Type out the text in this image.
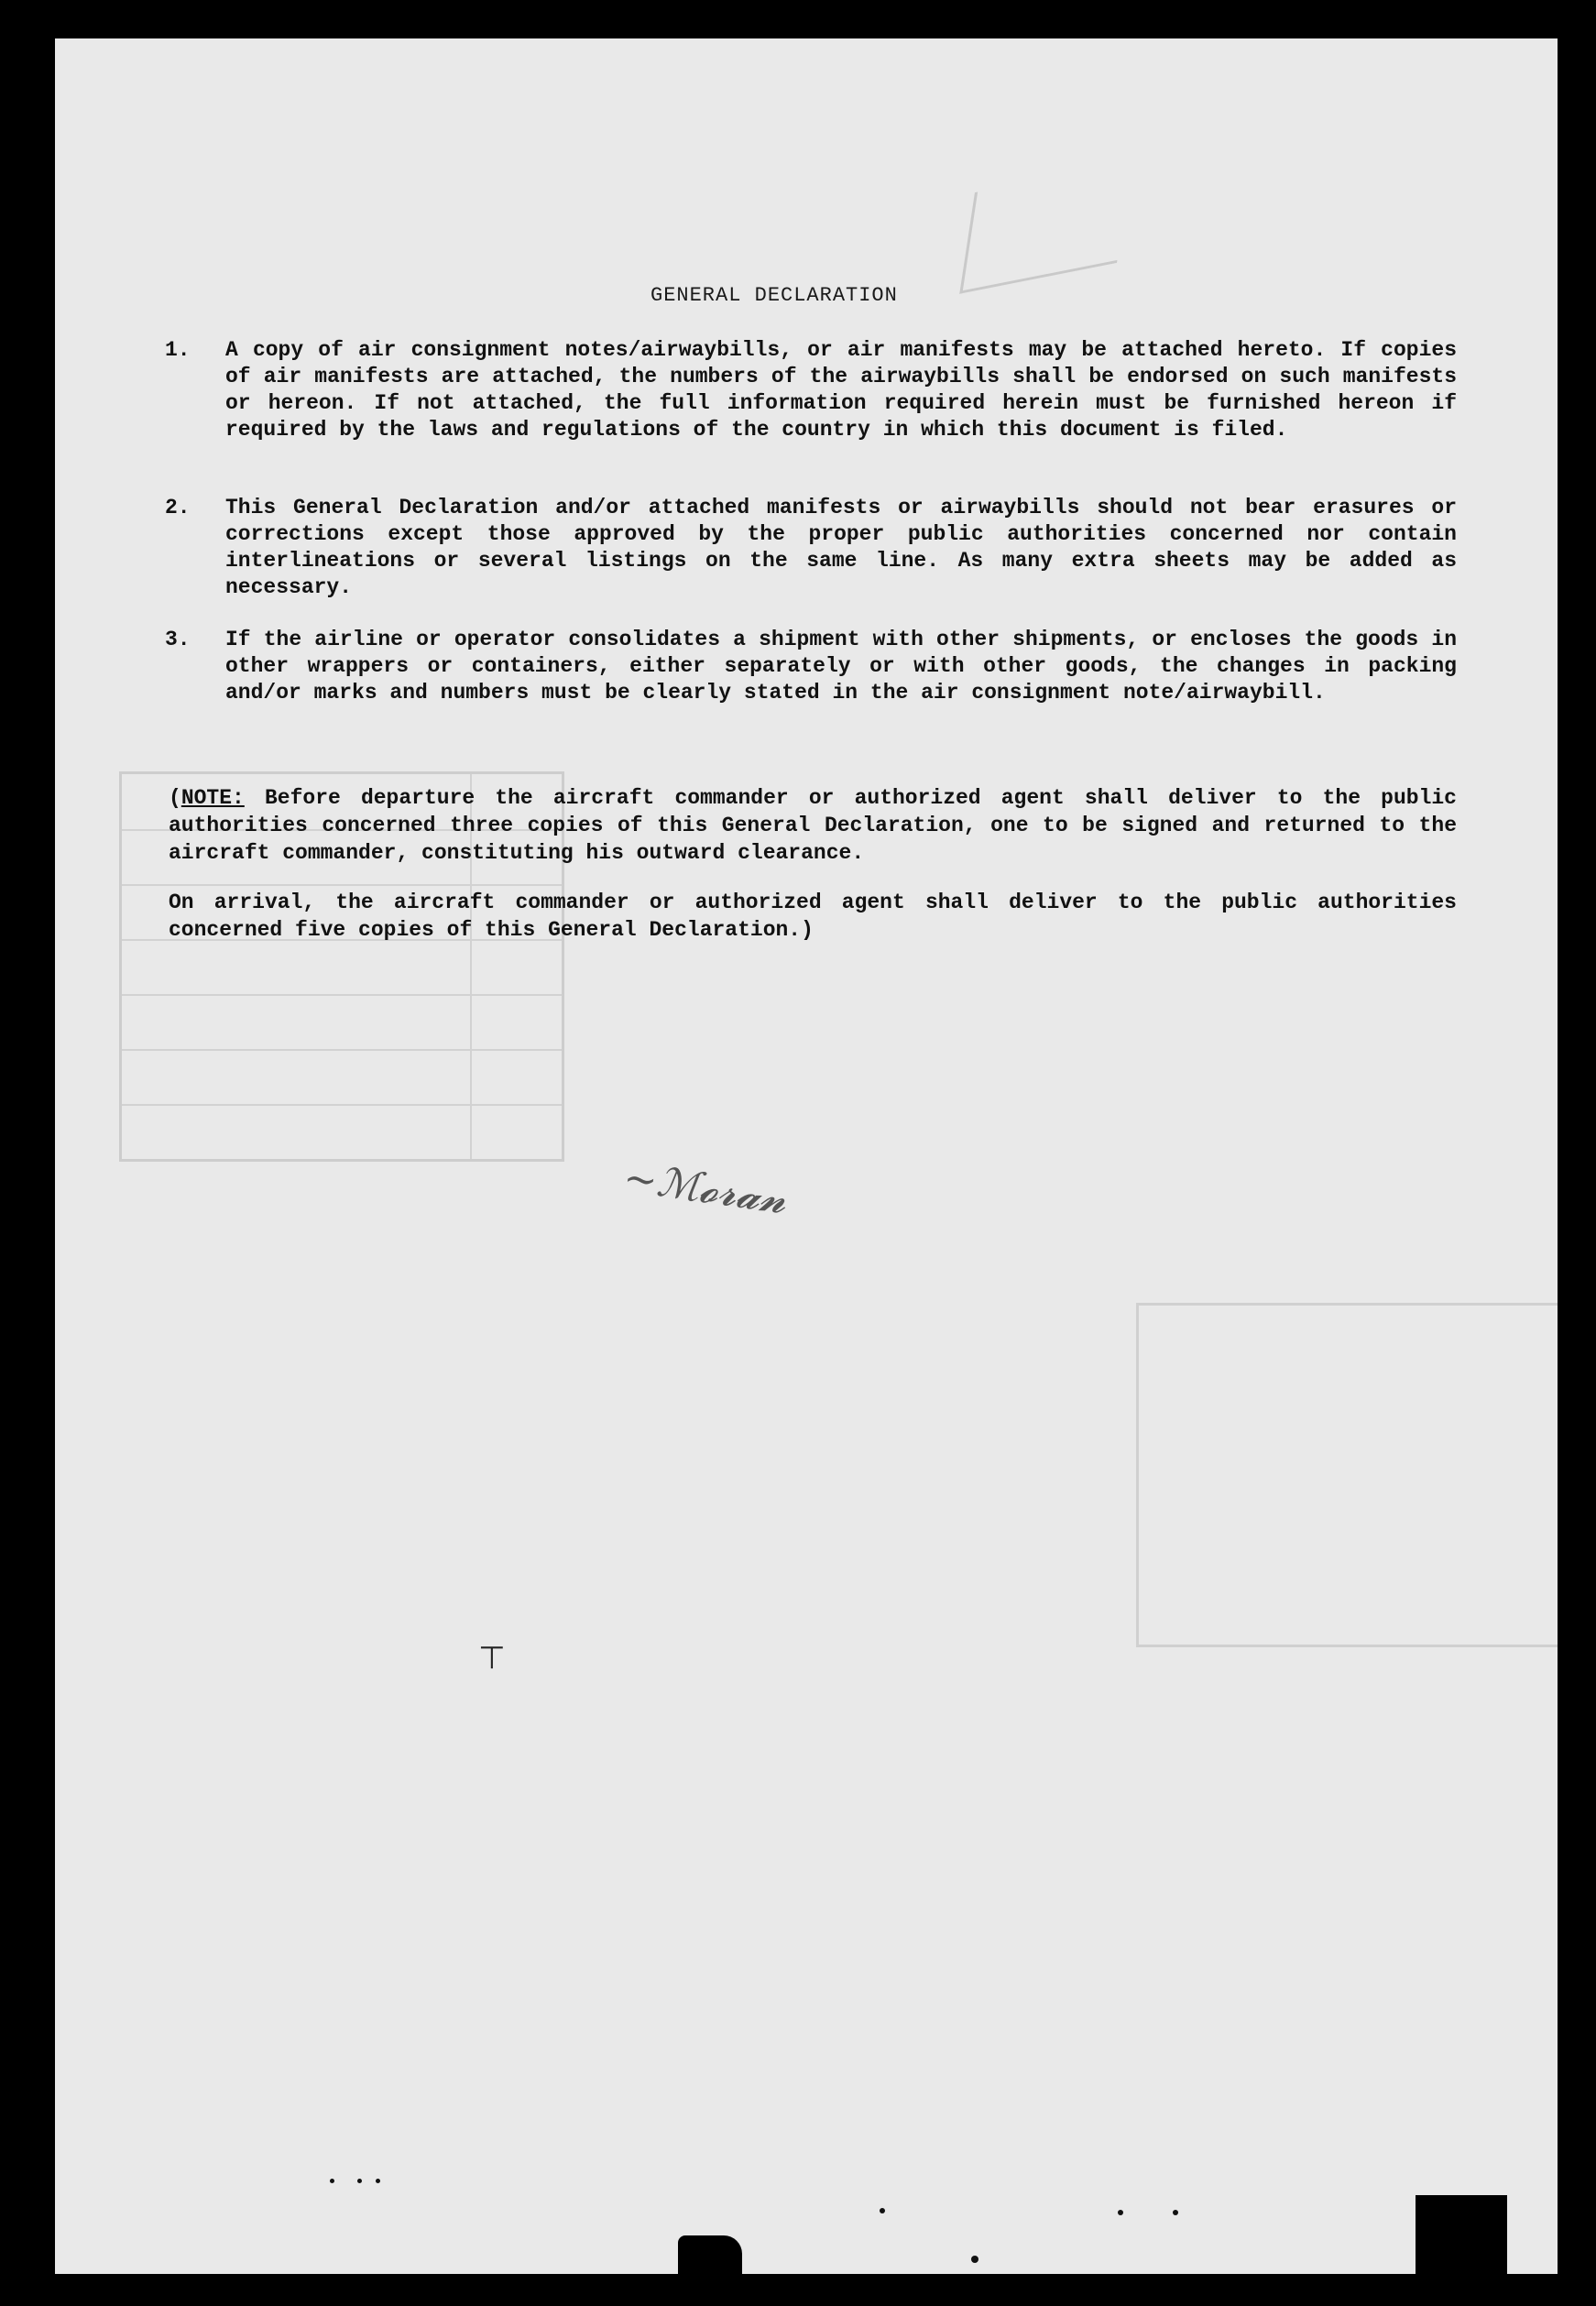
GENERAL DECLARATION
1.	A copy of air consignment notes/airwaybills, or air manifests may be attached hereto. If copies of air manifests are attached, the numbers of the airwaybills shall be endorsed on such manifests or hereon. If not attached, the full information required herein must be furnished hereon if required by the laws and regulations of the country in which this document is filed.
2.	This General Declaration and/or attached manifests or airwaybills should not bear erasures or corrections except those approved by the proper public authorities concerned nor contain interlineations or several listings on the same line. As many extra sheets may be added as necessary.
3.	If the airline or operator consolidates a shipment with other shipments, or encloses the goods in other wrappers or containers, either separately or with other goods, the changes in packing and/or marks and numbers must be clearly stated in the air consignment note/airwaybill.
(NOTE: Before departure the aircraft commander or authorized agent shall deliver to the public authorities concerned three copies of this General Declaration, one to be signed and returned to the aircraft commander, constituting his outward clearance.
On arrival, the aircraft commander or authorized agent shall deliver to the public authorities concerned five copies of this General Declaration.)
~ℳ𝓸𝓻𝓪𝓷
⊤
